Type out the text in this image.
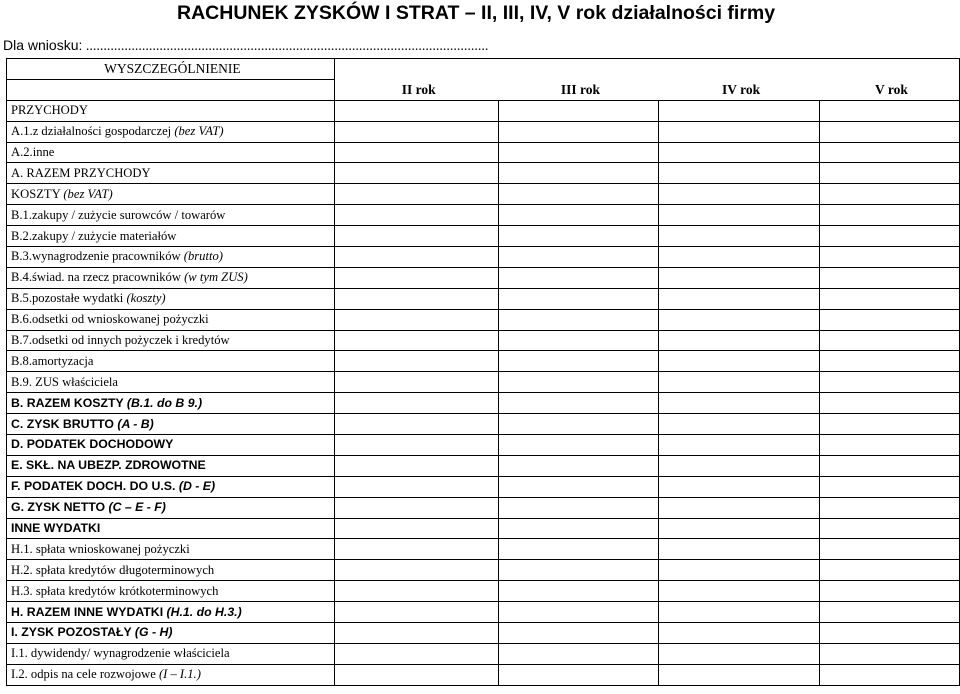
RACHUNEK ZYSKÓW I STRAT – II, III, IV, V rok działalności firmy
Dla wniosku: ...................................................................................................................
WYSZCZEGÓLNIENIE				
	II rok	III rok	IV rok	V rok
PRZYCHODY				
A.1.z działalności gospodarczej (bez VAT)				
A.2.inne				
A. RAZEM PRZYCHODY				
KOSZTY (bez VAT)				
B.1.zakupy / zużycie surowców / towarów				
B.2.zakupy / zużycie materiałów				
B.3.wynagrodzenie pracowników (brutto)				
B.4.świad. na rzecz pracowników (w tym ZUS)				
B.5.pozostałe wydatki (koszty)				
B.6.odsetki od wnioskowanej pożyczki				
B.7.odsetki od innych pożyczek i kredytów				
B.8.amortyzacja				
B.9. ZUS właściciela				
B. RAZEM KOSZTY (B.1. do B 9.)				
C. ZYSK BRUTTO (A - B)				
D. PODATEK DOCHODOWY				
E. SKŁ. NA UBEZP. ZDROWOTNE				
F. PODATEK DOCH. DO U.S. (D - E)				
G. ZYSK NETTO (C – E - F)				
INNE WYDATKI				
H.1. spłata wnioskowanej pożyczki				
H.2. spłata kredytów długoterminowych				
H.3. spłata kredytów krótkoterminowych				
H. RAZEM INNE WYDATKI (H.1. do H.3.)				
I. ZYSK POZOSTAŁY (G - H)				
I.1. dywidendy/ wynagrodzenie właściciela				
I.2. odpis na cele rozwojowe (I – I.1.)				
